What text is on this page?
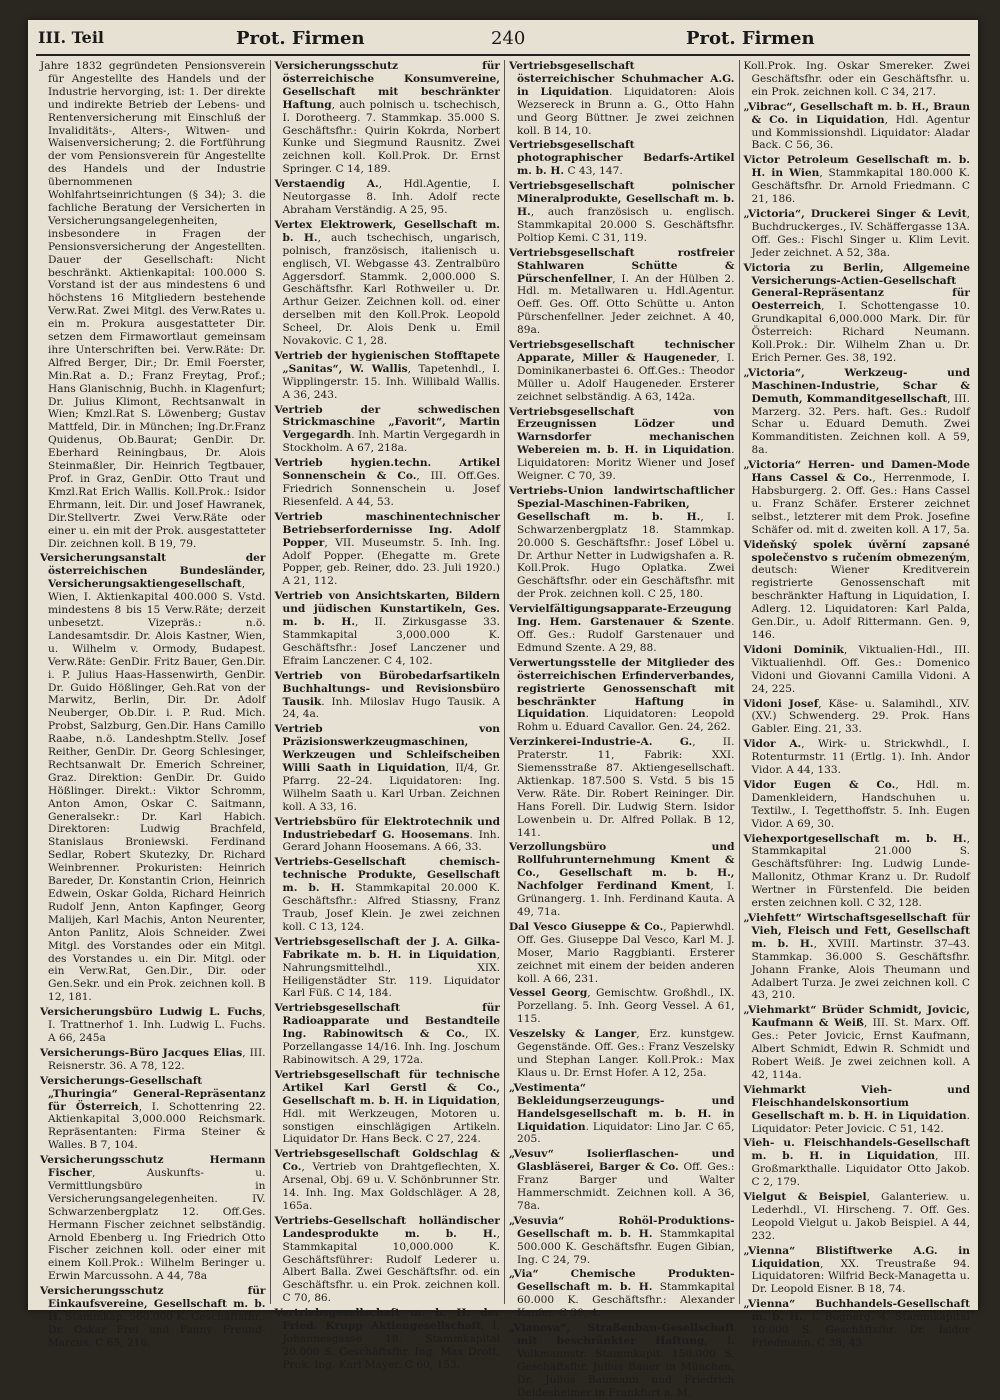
III. Teil	Prot. Firmen	240	Prot. Firmen

Jahre 1832 gegründeten Pensionsverein für Angestellte des Handels und der Industrie hervorging, ist: 1. Der direkte und indirekte Betrieb der Lebens- und Rentenversicherung mit Einschluß der Invaliditäts-, Alters-, Witwen- und Waisenversicherung; 2. die Fortführung der vom Pensionsverein für Angestellte des Handels und der Industrie übernommenen Wohlfahrtseinrichtungen (§ 34); 3. die fachliche Beratung der Versicherten in Versicherungsangelegenheiten, insbesondere in Fragen der Pensionsversicherung der Angestellten. Dauer der Gesellschaft: Nicht beschränkt. Aktienkapital: 100.000 S. Vorstand ist der aus mindestens 6 und höchstens 16 Mitgliedern bestehende Verw.Rat. Zwei Mitgl. des Verw.Rates u. ein m. Prokura ausgestatteter Dir. setzen dem Firmawortlaut gemeinsam ihre Unterschriften bei. Verw.Räte: Dr. Alfred Berger, Dir.; Dr. Emil Foerster, Min.Rat a. D.; Franz Freytag, Prof.; Hans Glanischnig, Buchh. in Klagenfurt; Dr. Julius Klimont, Rechtsanwalt in Wien; Kmzl.Rat S. Löwenberg; Gustav Mattfeld, Dir. in München; Ing.Dr.Franz Quidenus, Ob.Baurat; GenDir. Dr. Eberhard Reiningbaus, Dr. Alois Steinmaßler, Dir. Heinrich Tegtbauer, Prof. in Graz, GenDir. Otto Traut und Kmzl.Rat Erich Wallis. Koll.Prok.: Isidor Ehrmann, leit. Dir. und Josef Hawranek, Dir.Stellvertr. Zwei Verw.Räte oder einer u. ein mit der Prok. ausgestatteter Dir. zeichnen koll. B 19, 79.

Versicherungsanstalt der österreichischen Bundesländer, Versicherungsaktiengesellschaft, Wien, I. Aktienkapital 400.000 S. Vstd. mindestens 8 bis 15 Verw.Räte; derzeit unbesetzt. Vizepräs.: n.ö. Landesamtsdir. Dr. Alois Kastner, Wien, u. Wilhelm v. Ormody, Budapest. Verw.Räte: GenDir. Fritz Bauer, Gen.Dir. i. P. Julius Haas-Hassenwirth, GenDir. Dr. Guido Hößlinger, Geh.Rat von der Marwitz, Berlin, Dir. Dr. Adolf Neuberger, Ob.Dir. i. P. Rud. Mich. Probst, Salzburg, Gen.Dir. Hans Camillo Raabe, n.ö. Landeshptm.Stellv. Josef Reither, GenDir. Dr. Georg Schlesinger, Rechtsanwalt Dr. Emerich Schreiner, Graz. Direktion: GenDir. Dr. Guido Hößlinger. Direkt.: Viktor Schromm, Anton Amon, Oskar C. Saitmann, Generalsekr.: Dr. Karl Habich. Direktoren: Ludwig Brachfeld, Stanislaus Broniewski. Ferdinand Sedlar, Robert Skutezky, Dr. Richard Weinbrenner. Prokuristen: Heinrich Bareder, Dr. Konstantin Crion, Heinrich Edwein, Oskar Golda, Richard Heinrich Rudolf Jenn, Anton Kapfinger, Georg Malijeh, Karl Machis, Anton Neurenter, Anton Panlitz, Alois Schneider. Zwei Mitgl. des Vorstandes oder ein Mitgl. des Vorstandes u. ein Dir. Mitgl. oder ein Verw.Rat, Gen.Dir., Dir. oder Gen.Sekr. und ein Prok. zeichnen koll. B 12, 181.

Versicherungsbüro Ludwig L. Fuchs, I. Trattnerhof 1. Inh. Ludwig L. Fuchs. A 66, 245a

Versicherungs-Büro Jacques Elias, III. Reisnerstr. 36. A 78, 122.

Versicherungs-Gesellschaft „Thuringia“ General-Repräsentanz für Österreich, I. Schottenring 22. Aktienkapital 3,000.000 Reichsmark. Repräsentanten: Firma Steiner & Walles. B 7, 104.

Versicherungsschutz Hermann Fischer, Auskunfts- u. Vermittlungsbüro in Versicherungsangelegenheiten. IV. Schwarzenbergplatz 12. Off.Ges. Hermann Fischer zeichnet selbständig. Arnold Ebenberg u. Ing Friedrich Otto Fischer zeichnen koll. oder einer mit einem Koll.Prok.: Wilhelm Beringer u. Erwin Marcussohn. A 44, 78a

Versicherungsschutz für Einkaufsvereine, Gesellschaft m. b. H. Stammkap. 560.000 K. Geschäftsfhr.: Dr. Oskar Frei und Fanny Freund-Marcus. C 65, 216.

Versicherungsschutz für österreichische Konsumvereine, Gesellschaft mit beschränkter Haftung, auch polnisch u. tschechisch, I. Dorotheerg. 7. Stammkap. 35.000 S. Geschäftsfhr.: Quirin Kokrda, Norbert Kunke und Siegmund Rausnitz. Zwei zeichnen koll. Koll.Prok. Dr. Ernst Springer. C 14, 189.

Verstaendig A., Hdl.Agentie, I. Neutorgasse 8. Inh. Adolf recte Abraham Verständig. A 25, 95.

Vertex Elektrowerk, Gesellschaft m. b. H., auch tschechisch, ungarisch, polnisch, französisch, italienisch u. englisch, VI. Webgasse 43. Zentralbüro Aggersdorf. Stammk. 2,000.000 S. Geschäftsfhr. Karl Rothweiler u. Dr. Arthur Geizer. Zeichnen koll. od. einer derselben mit den Koll.Prok. Leopold Scheel, Dr. Alois Denk u. Emil Novakovic. C 1, 28.

Vertrieb der hygienischen Stofftapete „Sanitas“, W. Wallis, Tapetenhdl., I. Wipplingerstr. 15. Inh. Willibald Wallis. A 36, 243.

Vertrieb der schwedischen Strickmaschine „Favorit“, Martin Vergegardh. Inh. Martin Vergegardh in Stockholm. A 67, 218a.

Vertrieb hygien.techn. Artikel Sonnenschein & Co., III. Off.Ges. Friedrich Sonnenschein u. Josef Riesenfeld. A 44, 53.

Vertrieb maschinentechnischer Betriebserfordernisse Ing. Adolf Popper, VII. Museumstr. 5. Inh. Ing. Adolf Popper. (Ehegatte m. Grete Popper, geb. Reiner, ddo. 23. Juli 1920.) A 21, 112.

Vertrieb von Ansichtskarten, Bildern und jüdischen Kunstartikeln, Ges. m. b. H., II. Zirkusgasse 33. Stammkapital 3,000.000 K. Geschäftsfhr.: Josef Lanczener und Efraim Lanczener. C 4, 102.

Vertrieb von Bürobedarfsartikeln Buchhaltungs- und Revisionsbüro Tausik. Inh. Miloslav Hugo Tausik. A 24, 4a.

Vertrieb von Präzisionswerkzeugmaschinen, Werkzeugen und Schleifscheiben Willi Saath in Liquidation, II/4, Gr. Pfarrg. 22–24. Liquidatoren: Ing. Wilhelm Saath u. Karl Urban. Zeichnen koll. A 33, 16.

Vertriebsbüro für Elektrotechnik und Industriebedarf G. Hoosemans. Inh. Gerard Johann Hoosemans. A 66, 33.

Vertriebs-Gesellschaft chemisch-technische Produkte, Gesellschaft m. b. H. Stammkapital 20.000 K. Geschäftsfhr.: Alfred Stiassny, Franz Traub, Josef Klein. Je zwei zeichnen koll. C 13, 124.

Vertriebsgesellschaft der J. A. Gilka-Fabrikate m. b. H. in Liquidation, Nahrungsmittelhdl., XIX. Heiligenstädter Str. 119. Liquidator Karl Füß. C 14, 184.

Vertriebsgesellschaft für Radioapparate und Bestandteile Ing. Rabinowitsch & Co., IX. Porzellangasse 14/16. Inh. Ing. Joschum Rabinowitsch. A 29, 172a.

Vertriebsgesellschaft für technische Artikel Karl Gerstl & Co., Gesellschaft m. b. H. in Liquidation, Hdl. mit Werkzeugen, Motoren u. sonstigen einschlägigen Artikeln. Liquidator Dr. Hans Beck. C 27, 224.

Vertriebsgesellschaft Goldschlag & Co., Vertrieb von Drahtgeflechten, X. Arsenal, Obj. 69 u. V. Schönbrunner Str. 14. Inh. Ing. Max Goldschläger. A 28, 165a.

Vertriebs-Gesellschaft holländischer Landesprodukte m. b. H., Stammkapital 10,000.000 K. Geschäftsführer: Rudolf Lederer u. Albert Balla. Zwei Geschäftsfhr. od. ein Geschäftsfhr. u. ein Prok. zeichnen koll. C 70, 86.

Vertriebsgesellschaft m. b. H. der Fried. Krupp Aktiengesellschaft, I. Johannesgasse 18. Stammkapital 20.000 S. Geschäftsfhr. Ing. Max Drott, Prok. Ing. Karl Mayer. C 60, 153.

Vertriebsgesellschaft österreichischer Schuhmacher A.G. in Liquidation. Liquidatoren: Alois Wezsereck in Brunn a. G., Otto Hahn und Georg Büttner. Je zwei zeichnen koll. B 14, 10.

Vertriebsgesellschaft photographischer Bedarfs-Artikel m. b. H. C 43, 147.

Vertriebsgesellschaft polnischer Mineralprodukte, Gesellschaft m. b. H., auch französisch u. englisch. Stammkapital 20.000 S. Geschäftsfhr. Poltiop Kemi. C 31, 119.

Vertriebsgesellschaft rostfreier Stahlwaren Schütte & Pürschenfellner, I. An der Hülben 2. Hdl. m. Metallwaren u. Hdl.Agentur. Oeff. Ges. Off. Otto Schütte u. Anton Pürschenfellner. Jeder zeichnet. A 40, 89a.

Vertriebsgesellschaft technischer Apparate, Miller & Haugeneder, I. Dominikanerbastei 6. Off.Ges.: Theodor Müller u. Adolf Haugeneder. Ersterer zeichnet selbständig. A 63, 142a.

Vertriebsgesellschaft von Erzeugnissen Lödzer und Warnsdorfer mechanischen Webereien m. b. H. in Liquidation. Liquidatoren: Moritz Wiener und Josef Weigner. C 70, 39.

Vertriebs-Union landwirtschaftlicher Spezial-Maschinen-Fabriken, Gesellschaft m. b. H., I. Schwarzenbergplatz 18. Stammkap. 20.000 S. Geschäftsfhr.: Josef Löbel u. Dr. Arthur Netter in Ludwigshafen a. R. Koll.Prok. Hugo Oplatka. Zwei Geschäftsfhr. oder ein Geschäftsfhr. mit der Prok. zeichnen koll. C 25, 180.

Vervielfältigungsapparate-Erzeugung Ing. Hem. Garstenauer & Szente. Off. Ges.: Rudolf Garstenauer und Edmund Szente. A 29, 88.

Verwertungsstelle der Mitglieder des österreichischen Erfinderverbandes, registrierte Genossenschaft mit beschränkter Haftung in Liquidation. Liquidatoren: Leopold Rohm u. Eduard Cavallor. Gen. 24, 262.

Verzinkerei-Industrie-A. G., II. Praterstr. 11, Fabrik: XXI. Siemensstraße 87. Aktiengesellschaft. Aktienkap. 187.500 S. Vstd. 5 bis 15 Verw. Räte. Dir. Robert Reininger. Dir. Hans Forell. Dir. Ludwig Stern. Isidor Lowenbein u. Dr. Alfred Pollak. B 12, 141.

Verzollungsbüro und Rollfuhrunternehmung Kment & Co., Gesellschaft m. b. H., Nachfolger Ferdinand Kment, I. Grünangerg. 1. Inh. Ferdinand Kauta. A 49, 71a.

Dal Vesco Giuseppe & Co., Papierwhdl. Off. Ges. Giuseppe Dal Vesco, Karl M. J. Moser, Mario Raggbianti. Ersterer zeichnet mit einem der beiden anderen koll. A 66, 231.

Vessel Georg, Gemischtw. Großhdl., IX. Porzellang. 5. Inh. Georg Vessel. A 61, 115.

Veszelsky & Langer, Erz. kunstgew. Gegenstände. Off. Ges.: Franz Veszelsky und Stephan Langer. Koll.Prok.: Max Klaus u. Dr. Ernst Hofer. A 12, 25a.

„Vestimenta“ Bekleidungserzeugungs- und Handelsgesellschaft m. b. H. in Liquidation. Liquidator: Lino Jar. C 65, 205.

„Vesuv“ Isolierflaschen- und Glasbläserei, Barger & Co. Off. Ges.: Franz Barger und Walter Hammerschmidt. Zeichnen koll. A 36, 78a.

„Vesuvia“ Rohöl-Produktions-Gesellschaft m. b. H. Stammkapital 500.000 K. Geschäftsfhr. Eugen Gibian, Ing. C 24, 79.

„Via“ Chemische Produkten-Gesellschaft m. b. H. Stammkapital 60.000 K. Geschäftsfhr.: Alexander Kanfer. C 30, 4.

„Vianova“, Straßenbau-Gesellschaft mit beschränkter Haftung, I. Volkmannstr. Stammkapit. 150.000 S. Geschäftsfhr. Julius Bauer in München, Dr. Julius Baumann und Friedrich Deidesheimer in Frankfurt a. M.

Koll.Prok. Ing. Oskar Smereker. Zwei Geschäftsfhr. oder ein Geschäftsfhr. u. ein Prok. zeichnen koll. C 34, 217.

„Vibrac“, Gesellschaft m. b. H., Braun & Co. in Liquidation, Hdl. Agentur und Kommissionshdl. Liquidator: Aladar Back. C 56, 36.

Victor Petroleum Gesellschaft m. b. H. in Wien, Stammkapital 180.000 K. Geschäftsfhr. Dr. Arnold Friedmann. C 21, 186.

„Victoria“, Druckerei Singer & Levit, Buchdruckerges., IV. Schäffergasse 13A. Off. Ges.: Fischl Singer u. Klim Levit. Jeder zeichnet. A 52, 38a.

Victoria zu Berlin, Allgemeine Versicherungs-Actien-Gesellschaft General-Repräsentanz für Oesterreich, I. Schottengasse 10. Grundkapital 6,000.000 Mark. Dir. für Österreich: Richard Neumann. Koll.Prok.: Dir. Wilhelm Zhan u. Dr. Erich Perner. Ges. 38, 192.

„Victoria“, Werkzeug- und Maschinen-Industrie, Schar & Demuth, Kommanditgesellschaft, III. Marzerg. 32. Pers. haft. Ges.: Rudolf Schar u. Eduard Demuth. Zwei Kommanditisten. Zeichnen koll. A 59, 8a.

„Victoria“ Herren- und Damen-Mode Hans Cassel & Co., Herrenmode, I. Habsburgerg. 2. Off. Ges.: Hans Cassel u. Franz Schäfer. Ersterer zeichnet selbst., letzterer mit dem Prok. Josefine Schäfer od. mit d. zweiten koll. A 17, 5a.

Videňský spolek úvěrní zapsané společenstvo s ručením obmezeným, deutsch: Wiener Kreditverein registrierte Genossenschaft mit beschränkter Haftung in Liquidation, I. Adlerg. 12. Liquidatoren: Karl Palda, Gen.Dir., u. Adolf Rittermann. Gen. 9, 146.

Vidoni Dominik, Viktualien-Hdl., III. Viktualienhdl. Off. Ges.: Domenico Vidoni und Giovanni Camilla Vidoni. A 24, 225.

Vidoni Josef, Käse- u. Salamihdl., XIV.(XV.) Schwenderg. 29. Prok. Hans Gabler. Eing. 21, 33.

Vidor A., Wirk- u. Strickwhdl., I. Rotenturmstr. 11 (Ertlg. 1). Inh. Andor Vidor. A 44, 133.

Vidor Eugen & Co., Hdl. m. Damenkleidern, Handschuhen u. Textilw., I. Tegetthoffstr. 5. Inh. Eugen Vidor. A 69, 30.

Viehexportgesellschaft m. b. H., Stammkapital 21.000 S. Geschäftsführer: Ing. Ludwig Lunde-Mallonitz, Othmar Kranz u. Dr. Rudolf Wertner in Fürstenfeld. Die beiden ersten zeichnen koll. C 32, 128.

„Viehfett“ Wirtschaftsgesellschaft für Vieh, Fleisch und Fett, Gesellschaft m. b. H., XVIII. Martinstr. 37–43. Stammkap. 36.000 S. Geschäftsfhr. Johann Franke, Alois Theumann und Adalbert Turza. Je zwei zeichnen koll. C 43, 210.

„Viehmarkt“ Brüder Schmidt, Jovicic, Kaufmann & Weiß, III. St. Marx. Off. Ges.: Peter Jovicic, Ernst Kaufmann, Albert Schmidt, Edwin R. Schmidt und Robert Weiß. Je zwei zeichnen koll. A 42, 114a.

Viehmarkt Vieh- und Fleischhandelskonsortium Gesellschaft m. b. H. in Liquidation. Liquidator: Peter Jovicic. C 51, 142.

Vieh- u. Fleischhandels-Gesellschaft m. b. H. in Liquidation, III. Großmarkthalle. Liquidator Otto Jakob. C 2, 179.

Vielgut & Beispiel, Galanteriew. u. Lederhdl., VI. Hirscheng. 7. Off. Ges. Leopold Vielgut u. Jakob Beispiel. A 44, 232.

„Vienna“ Blistiftwerke A.G. in Liquidation, XX. Treustraße 94. Liquidatoren: Wilfrid Beck-Managetta u. Dr. Leopold Eisner. B 18, 74.

„Vienna“ Buchhandels-Gesellschaft m. b. H., I. Bognerg. 4. Stammkapital 10.000 S. Geschäftsfhr. Dr. Isidor Friedmann. C 38, 43.
